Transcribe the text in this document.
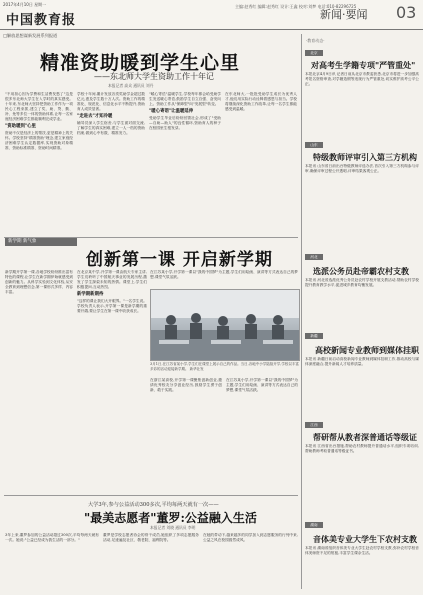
2017年4月10日 星期一
中国教育报
主编:赵秀红 编辑:赵秀红 设计:王鑫 校对:刘梦 电话:010-82296725
新闻·要闻 03
□解放思想谋新发展系列报道
精准资助暖到学生心里
——东北师大学生资助工作十年记
本报记者 高众 通讯员 刘丹
"不用担心因为学费和生活费发愁了"这是很多东北师大学生在入学时的真实感受。十年来,东北师大坚持把资助工作作为一项民心工程来抓,建立了奖、助、贷、勤、补、免等多位一体的资助体系,让每一名家庭经济困难学生都能顺利完成学业。
"资助暖到"心里
资助不仅是经济上的帮扶,更是精神上的关怀。学校坚持"精准资助"理念,建立家庭经济困难学生认定数据库,实现资助对象精准、资助标准精准、资助时间精准。
学校十年间,累计发放各类奖助学金超过数亿元,惠及学生数十万人次。资助工作的精准化、规范化、信息化水平不断提升,资助育人成效显著。
"走进去"才知冷暖
辅导员深入学生宿舍,与学生面对面交流,了解学生的真实困难,建立一人一档的资助档案,做到心中有数、精准发力。
"暖心寄语"温暖学生,学校每年都会给受助学生发送暖心寄语,鼓励学生自立自强、奋发向上。资助工作从"保障型"向"发展型"转变。
"暖心寄语"让温暖延伸
受助学生毕业后纷纷回馈社会,形成了"受助—自助—助人"的良性循环,资助育人的种子在校园里生根发芽。
在东北师大,一批批受助学生成长为优秀人才,他们用实际行动诠释着感恩与担当。学校将继续深化资助工作改革,让每一名学生都能感受到温暖。
新学期 新气象
创新第一课 开启新学期
新学期开学第一课,各地学校纷纷推出富有特色的课程,让学生在新学期伊始就感受到创新的魅力。从科学实验到文化体验,从安全教育到理想信念,第一课形式多样、内容丰富。
在北京某中学,开学第一课由航天专家主讲,学生们聆听了中国航天事业的发展历程,激发了学生探索未知的热情。课堂上,学生们积极提问,互动热烈。
新学期新期待
"这样的课让我们大开眼界。"一名学生说。学校负责人表示,开学第一课是新学期的重要开端,要让学生在第一课中收获成长。
在江苏某小学,开学第一课以"我的中国梦"为主题,学生们用绘画、演讲等方式表达自己的梦想,课堂气氛活跃。
3月1日,在江苏省某小学,学生们在课堂上展示自己的作品。当日,各地中小学陆续开学,学校以丰富多彩的活动迎接新学期。 新华社发
在浙江某高校,开学第一课聚焦创新创业,邀请优秀校友分享创业经历,鼓励学生勇于创新、敢于实践。
在江苏某小学,开学第一课以"我的中国梦"为主题,学生们用绘画、演讲等方式表达自己的梦想,课堂气氛活跃。
大学3年,参与公益活动300多次,平均每两天就有一次——
"最美志愿者"董罗:公益融入生活
本报记者 刘晓 通讯员 李明
3年上来,董罗参加的公益活动超过300次,平均每两天就有一次。她说:"公益已经成为我生活的一部分。"
董罗是学校志愿者协会的骨干成员,她组织了多项志愿服务活动,足迹遍及社区、敬老院、福利院等。
在她的带动下,越来越多的同学加入到志愿服务的行列中来,公益之风在校园蔚然成风。
·教育动态·
北京
对高考生学籍专项"严管重处"
本报北京4月9日讯 记者日前从北京市教委获悉,北京市将进一步加强高考报名资格审查,对学籍造假等违规行为严管重处,切实维护高考公平公正。
山东
特级教师评审引入第三方机构
本报讯 山东省日前出台特级教师评选办法,首次引入第三方机构参与评审,确保评审过程公开透明,评审结果客观公正。
河北
选派公务员赴帝霸农村支教
本报讯 河北省选派优秀公务员赴农村学校开展支教活动,帮助农村学校提升教育教学水平,促进城乡教育均衡发展。
新疆
高校新闻专业教师到媒体挂职
本报讯 新疆日前启动高校新闻专业教师到媒体挂职工作,推动高校与媒体深度融合,提升新闻人才培养质量。
江西
帮研帮从教者深普通话等级证
本报讯 江西省出台措施,帮助农村教师提升普通话水平,组织专项培训,帮助教师考取普通话等级证书。
湖南
音体美专业大学生下农村支教
本报讯 湖南省组织音体美专业大学生赴农村学校支教,弥补农村学校音体美师资不足的短板,丰富学生课余生活。
